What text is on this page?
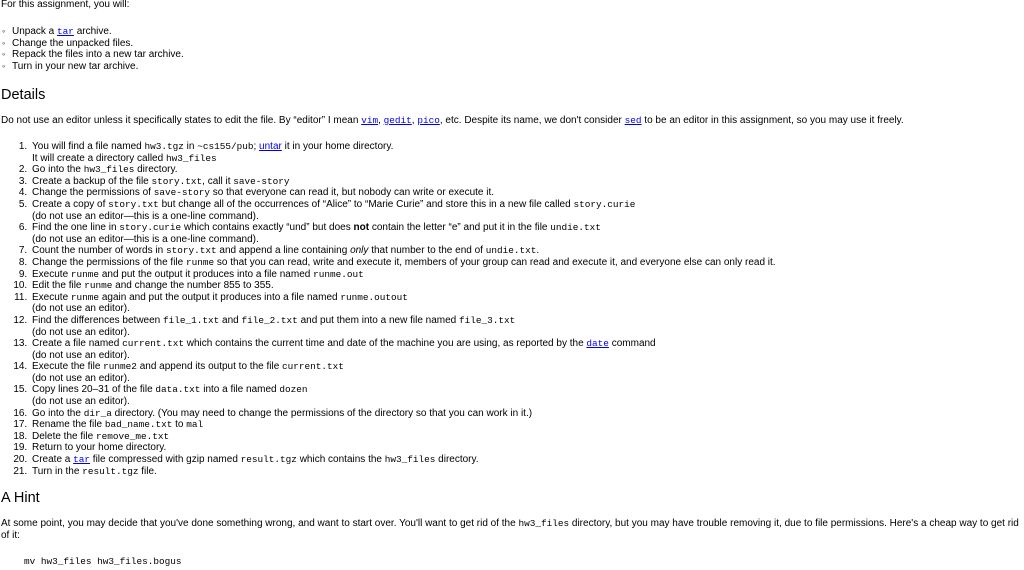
For this assignment, you will:

◦ Unpack a tar archive.
◦ Change the unpacked files.
◦ Repack the files into a new tar archive.
◦ Turn in your new tar archive.
Details

Do not use an editor unless it specifically states to edit the file. By “editor” I mean vim, gedit, pico, etc. Despite its name, we don't consider sed to be an editor in this assignment, so you may use it freely.

1. You will find a file named hw3.tgz in ~cs155/pub; untar it in your home directory.
It will create a directory called hw3_files
2. Go into the hw3_files directory.
3. Create a backup of the file story.txt, call it save-story
4. Change the permissions of save-story so that everyone can read it, but nobody can write or execute it.
5. Create a copy of story.txt but change all of the occurrences of “Alice” to “Marie Curie” and store this in a new file called story.curie
(do not use an editor—this is a one-line command).
6. Find the one line in story.curie which contains exactly “und” but does not contain the letter “e” and put it in the file undie.txt
(do not use an editor—this is a one-line command).
7. Count the number of words in story.txt and append a line containing only that number to the end of undie.txt.
8. Change the permissions of the file runme so that you can read, write and execute it, members of your group can read and execute it, and everyone else can only read it.
9. Execute runme and put the output it produces into a file named runme.out
10. Edit the file runme and change the number 855 to 355.
11. Execute runme again and put the output it produces into a file named runme.outout
(do not use an editor).
12. Find the differences between file_1.txt and file_2.txt and put them into a new file named file_3.txt
(do not use an editor).
13. Create a file named current.txt which contains the current time and date of the machine you are using, as reported by the date command
(do not use an editor).
14. Execute the file runme2 and append its output to the file current.txt
(do not use an editor).
15. Copy lines 20–31 of the file data.txt into a file named dozen
(do not use an editor).
16. Go into the dir_a directory. (You may need to change the permissions of the directory so that you can work in it.)
17. Rename the file bad_name.txt to mal
18. Delete the file remove_me.txt
19. Return to your home directory.
20. Create a tar file compressed with gzip named result.tgz which contains the hw3_files directory.
21. Turn in the result.tgz file.
A Hint

At some point, you may decide that you've done something wrong, and want to start over. You'll want to get rid of the hw3_files directory, but you may have trouble removing it, due to file permissions. Here's a cheap way to get rid of it:

mv hw3_files hw3_files.bogus
